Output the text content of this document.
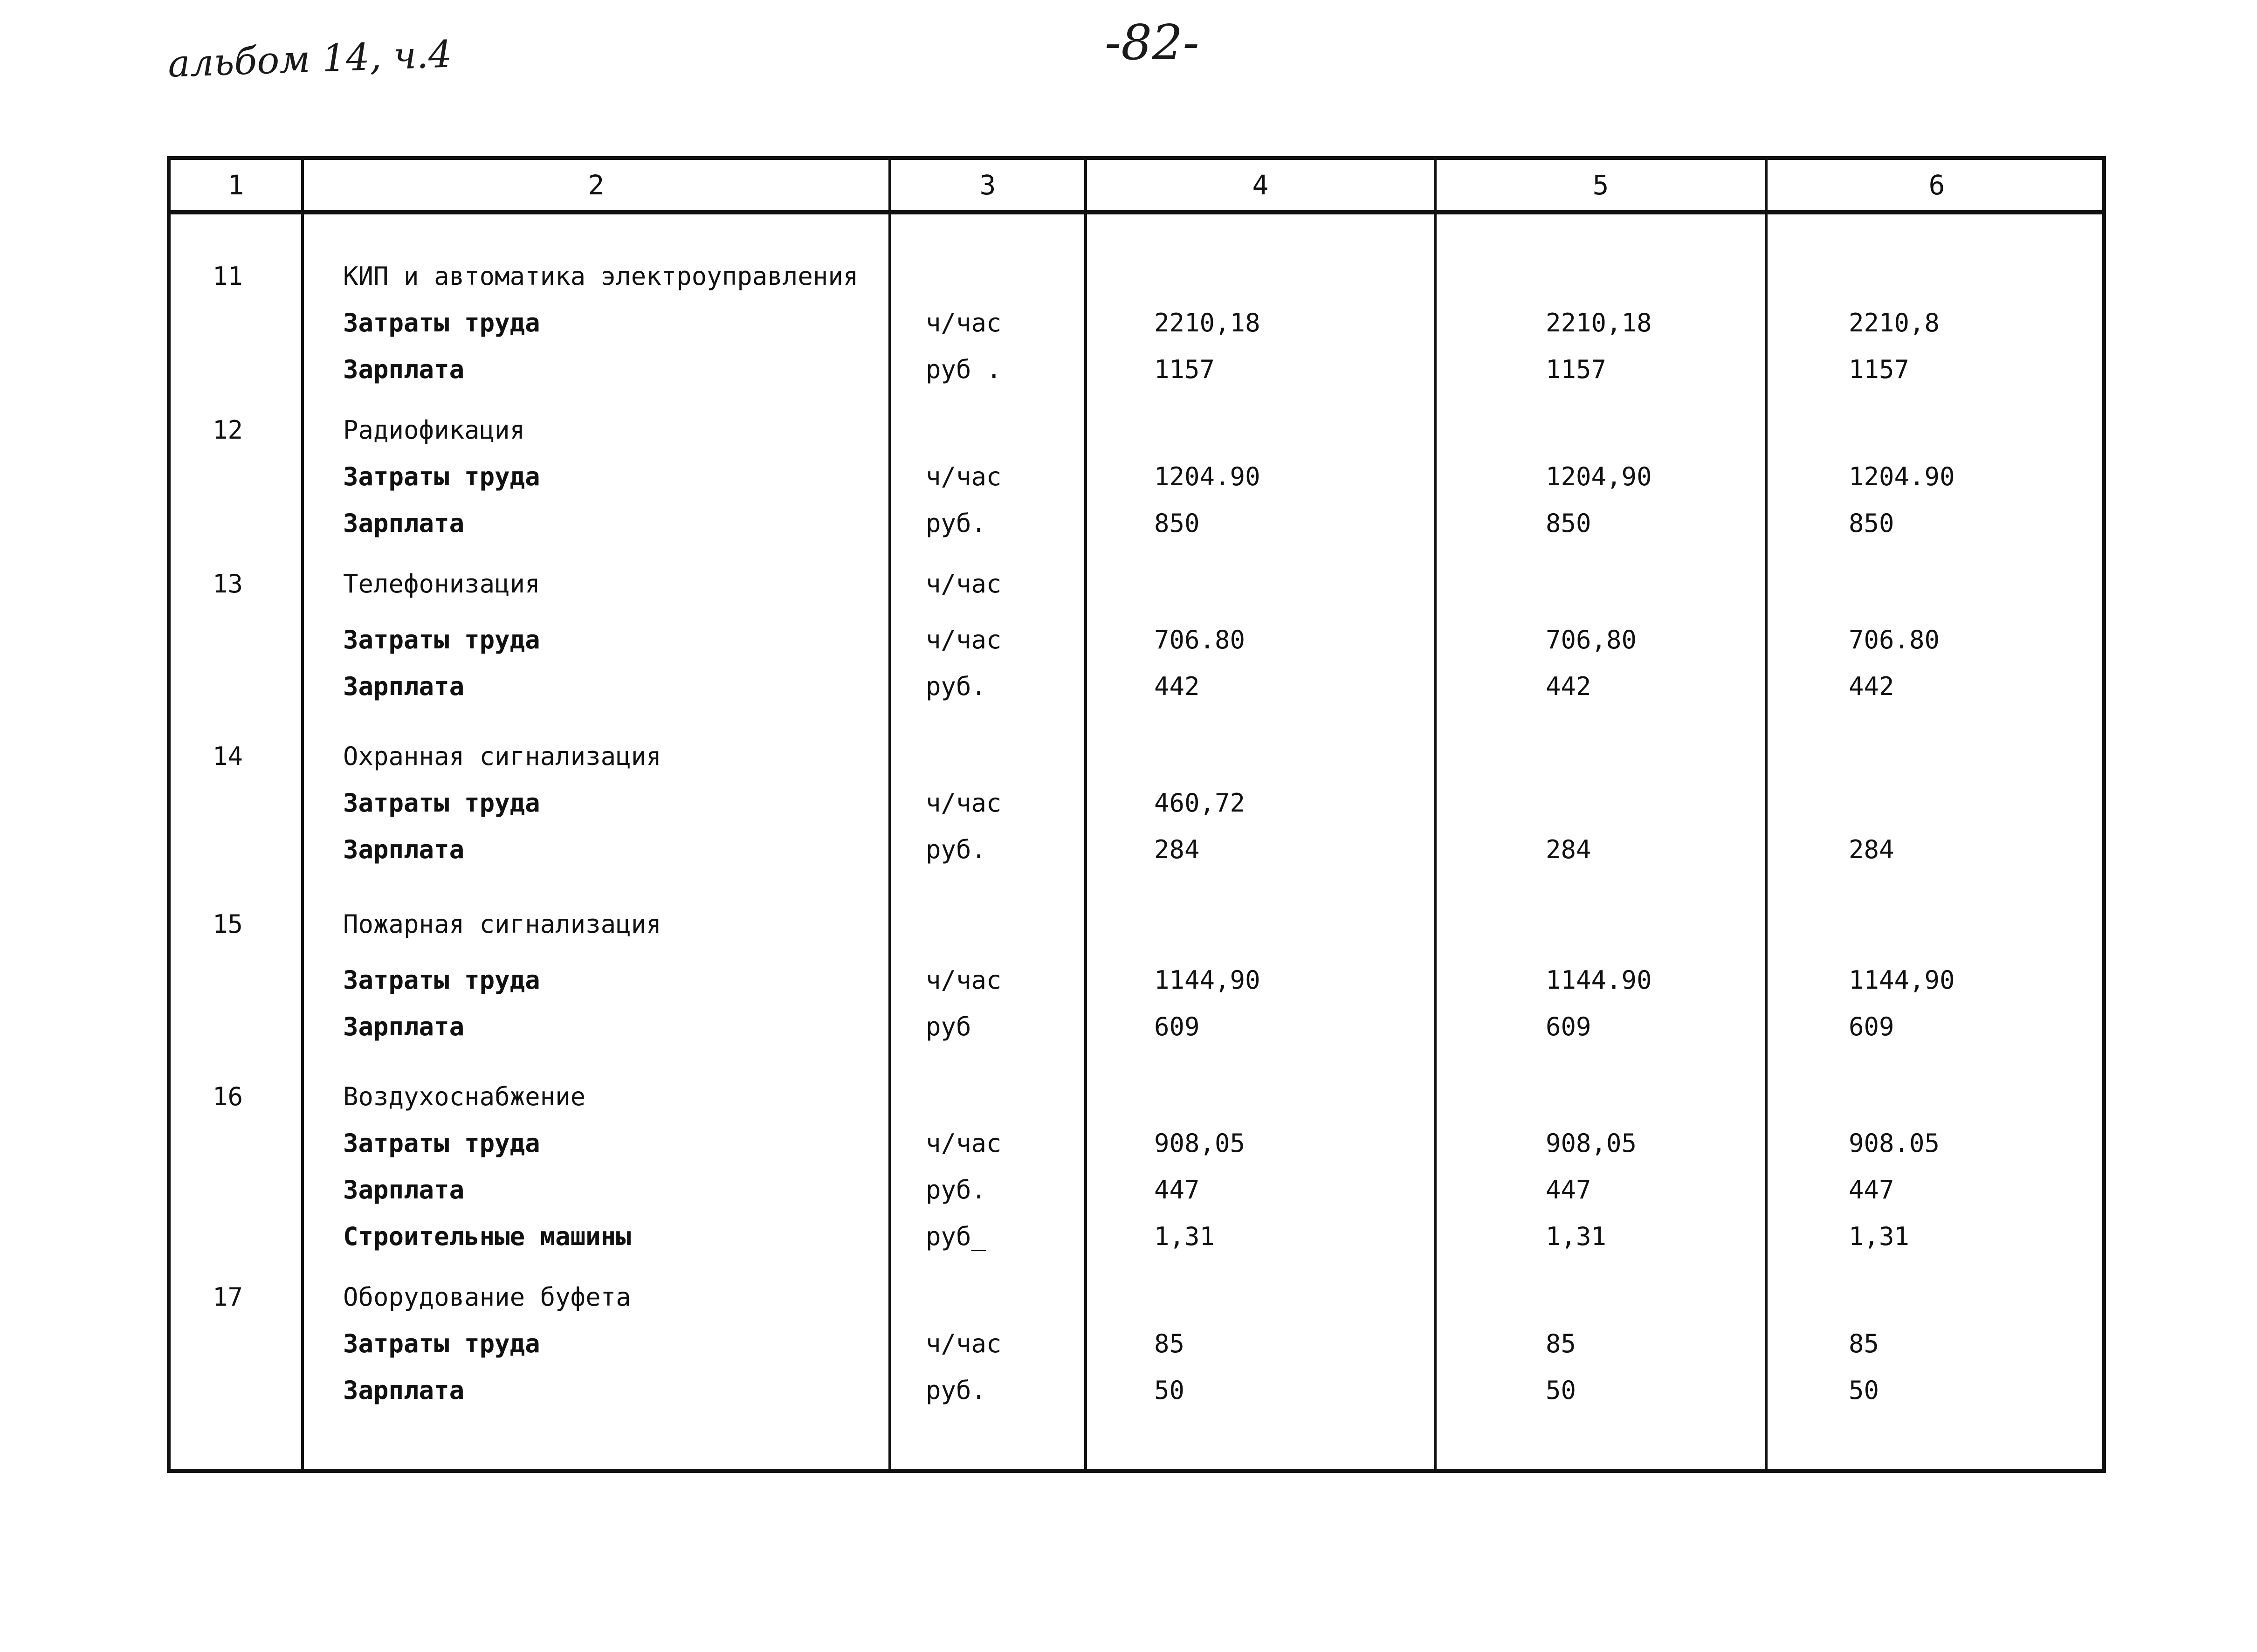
альбом 14, ч.4	-82-
1	2	3	4	5	6
11	КИП и автоматика электроуправления
Затраты труда	ч/час	2210,18	2210,18	2210,8
Зарплата	руб .	1157	1157	1157
12	Радиофикация
Затраты труда	ч/час	1204.90	1204,90	1204.90
Зарплата	руб.	850	850	850
13	Телефонизация	ч/час
Затраты труда	ч/час	706.80	706,80	706.80
Зарплата	руб.	442	442	442
14	Охранная сигнализация
Затраты труда	ч/час	460,72
Зарплата	руб.	284	284	284
15	Пожарная сигнализация
Затраты труда	ч/час	1144,90	1144.90	1144,90
Зарплата	руб	609	609	609
16	Воздухоснабжение
Затраты труда	ч/час	908,05	908,05	908.05
Зарплата	руб.	447	447	447
Строительные машины	руб_	1,31	1,31	1,31
17	Оборудование буфета
Затраты труда	ч/час	85	85	85
Зарплата	руб.	50	50	50
